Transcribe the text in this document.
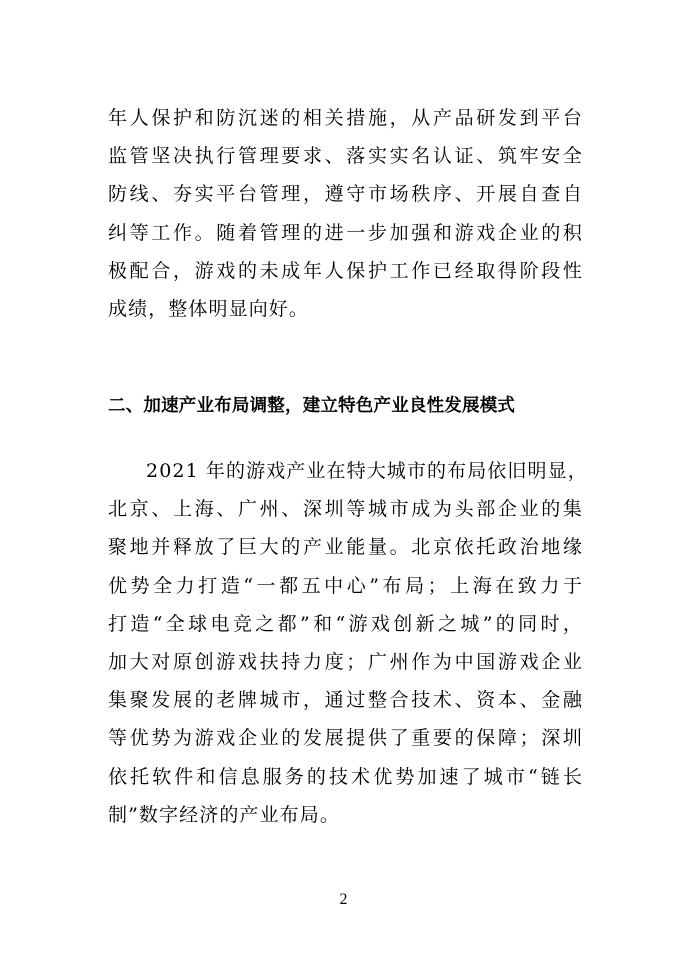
年人保护和防沉迷的相关措施，从产品研发到平台
监管坚决执行管理要求、落实实名认证、筑牢安全
防线、夯实平台管理，遵守市场秩序、开展自查自
纠等工作。随着管理的进一步加强和游戏企业的积
极配合，游戏的未成年人保护工作已经取得阶段性
成绩，整体明显向好。
二、加速产业布局调整，建立特色产业良性发展模式
2021 年的游戏产业在特大城市的布局依旧明显，
北京、上海、广州、深圳等城市成为头部企业的集
聚地并释放了巨大的产业能量。北京依托政治地缘
优势全力打造“一都五中心”布局；上海在致力于
打造“全球电竞之都”和“游戏创新之城”的同时，
加大对原创游戏扶持力度；广州作为中国游戏企业
集聚发展的老牌城市，通过整合技术、资本、金融
等优势为游戏企业的发展提供了重要的保障；深圳
依托软件和信息服务的技术优势加速了城市“链长
制”数字经济的产业布局。
2
